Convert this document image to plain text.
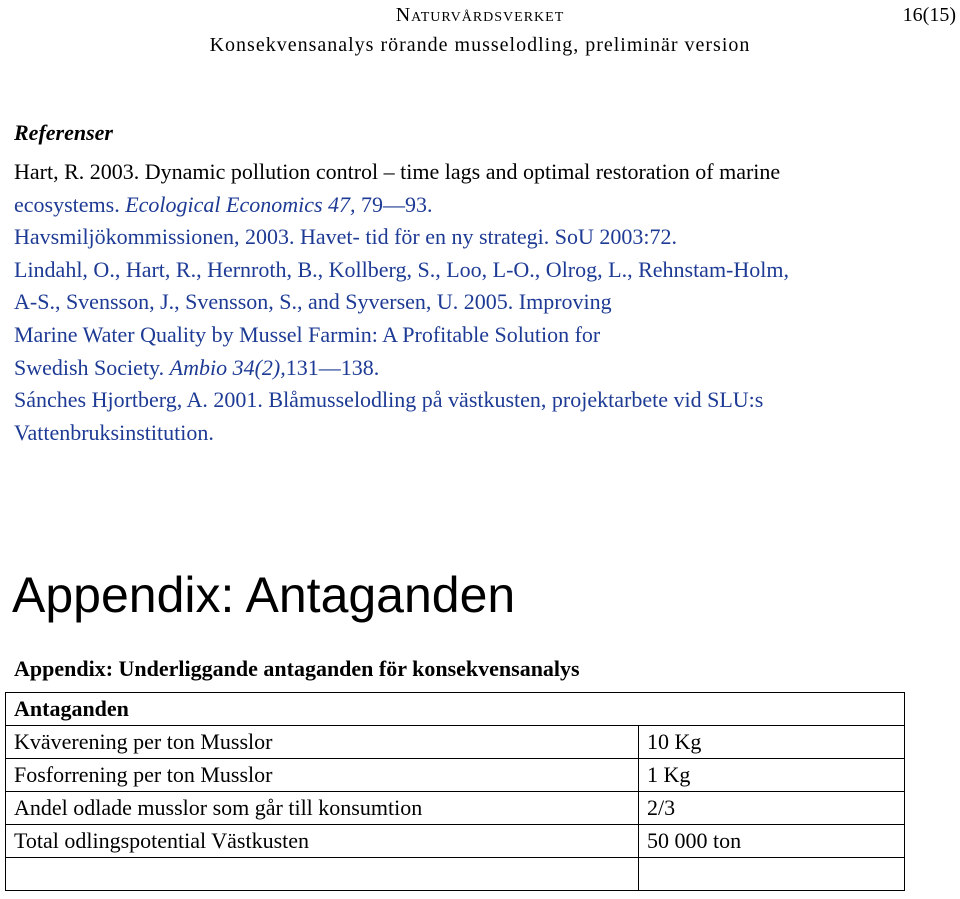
Naturvårdsverket
Konsekvensanalys rörande musselodling, preliminär version
16(15)
Referenser
Hart, R. 2003. Dynamic pollution control – time lags and optimal restoration of marine
ecosystems. Ecological Economics 47, 79—93.
Havsmiljökommissionen, 2003. Havet- tid för en ny strategi. SoU 2003:72.
Lindahl, O., Hart, R., Hernroth, B., Kollberg, S., Loo, L-O., Olrog, L., Rehnstam-Holm,
A-S., Svensson, J., Svensson, S., and Syversen, U. 2005. Improving
Marine Water Quality by Mussel Farmin: A Profitable Solution for
Swedish Society. Ambio 34(2),131—138.
Sánches Hjortberg, A. 2001. Blåmusselodling på västkusten, projektarbete vid SLU:s
Vattenbruksinstitution.
Appendix: Antaganden
Appendix: Underliggande antaganden för konsekvensanalys
Antaganden	
Kväverening per ton Musslor	10 Kg
Fosforrening per ton Musslor	1 Kg
Andel odlade musslor som går till konsumtion	2/3
Total odlingspotential Västkusten	50 000 ton
